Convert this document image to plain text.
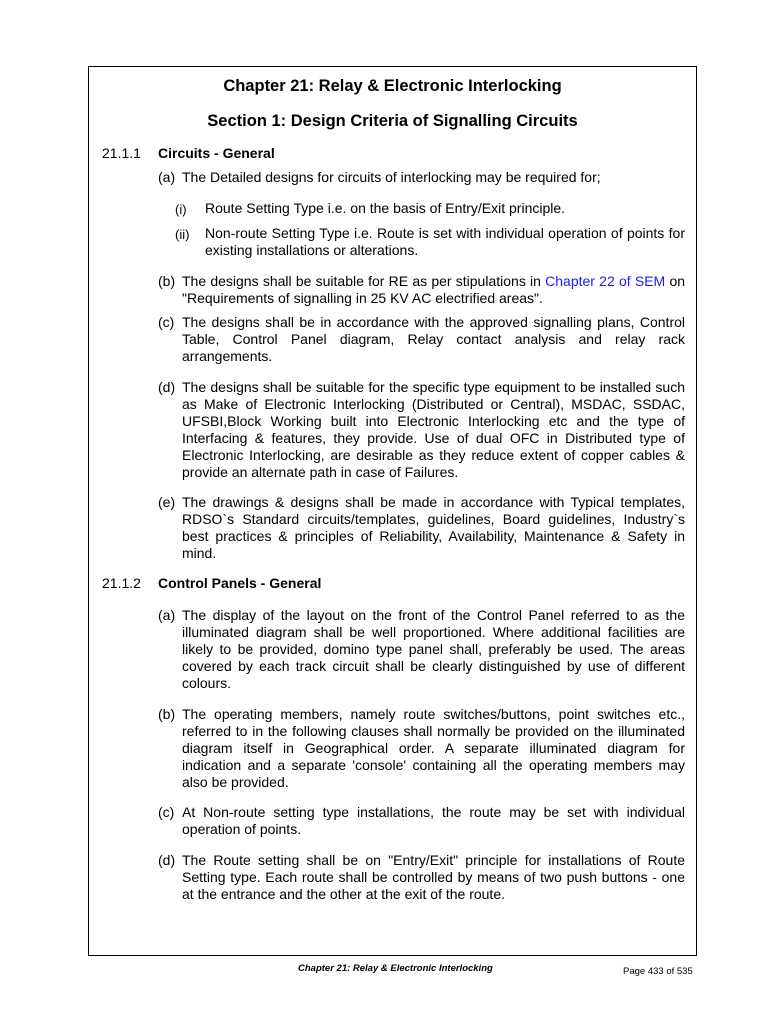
Chapter 21: Relay & Electronic Interlocking
Section 1: Design Criteria of Signalling Circuits
21.1.1 Circuits - General
(a) The Detailed designs for circuits of interlocking may be required for;
(i) Route Setting Type i.e. on the basis of Entry/Exit principle.
(ii) Non-route Setting Type i.e. Route is set with individual operation of points for existing installations or alterations.
(b) The designs shall be suitable for RE as per stipulations in Chapter 22 of SEM on "Requirements of signalling in 25 KV AC electrified areas".
(c) The designs shall be in accordance with the approved signalling plans, Control Table, Control Panel diagram, Relay contact analysis and relay rack arrangements.
(d) The designs shall be suitable for the specific type equipment to be installed such as Make of Electronic Interlocking (Distributed or Central), MSDAC, SSDAC, UFSBI,Block Working built into Electronic Interlocking etc and the type of Interfacing & features, they provide. Use of dual OFC in Distributed type of Electronic Interlocking, are desirable as they reduce extent of copper cables & provide an alternate path in case of Failures.
(e) The drawings & designs shall be made in accordance with Typical templates, RDSO`s Standard circuits/templates, guidelines, Board guidelines, Industry`s best practices & principles of Reliability, Availability, Maintenance & Safety in mind.
21.1.2 Control Panels - General
(a) The display of the layout on the front of the Control Panel referred to as the illuminated diagram shall be well proportioned. Where additional facilities are likely to be provided, domino type panel shall, preferably be used. The areas covered by each track circuit shall be clearly distinguished by use of different colours.
(b) The operating members, namely route switches/buttons, point switches etc., referred to in the following clauses shall normally be provided on the illuminated diagram itself in Geographical order. A separate illuminated diagram for indication and a separate 'console' containing all the operating members may also be provided.
(c) At Non-route setting type installations, the route may be set with individual operation of points.
(d) The Route setting shall be on "Entry/Exit" principle for installations of Route Setting type. Each route shall be controlled by means of two push buttons - one at the entrance and the other at the exit of the route.
Chapter 21: Relay & Electronic Interlocking	Page 433 of 535
